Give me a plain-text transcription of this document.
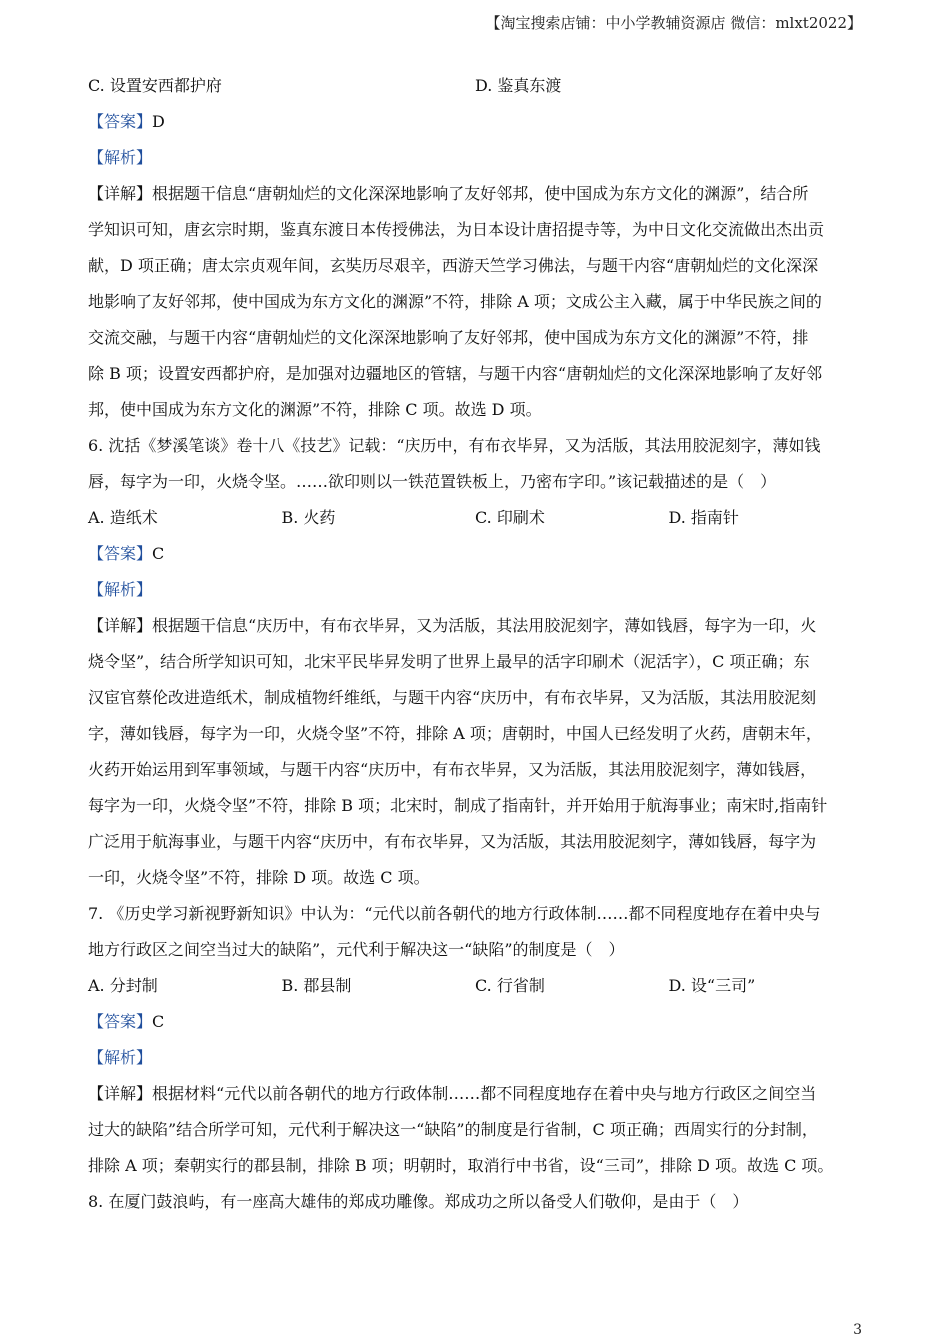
【淘宝搜索店铺：中小学教辅资源店 微信：mlxt2022】
C. 设置安西都护府	D. 鉴真东渡
【答案】D
【解析】
【详解】根据题干信息“唐朝灿烂的文化深深地影响了友好邻邦，使中国成为东方文化的渊源”，结合所
学知识可知，唐玄宗时期，鉴真东渡日本传授佛法，为日本设计唐招提寺等，为中日文化交流做出杰出贡
献，D 项正确；唐太宗贞观年间，玄奘历尽艰辛，西游天竺学习佛法，与题干内容“唐朝灿烂的文化深深
地影响了友好邻邦，使中国成为东方文化的渊源”不符，排除 A 项；文成公主入藏，属于中华民族之间的
交流交融，与题干内容“唐朝灿烂的文化深深地影响了友好邻邦，使中国成为东方文化的渊源”不符，排
除 B 项；设置安西都护府，是加强对边疆地区的管辖，与题干内容“唐朝灿烂的文化深深地影响了友好邻
邦，使中国成为东方文化的渊源”不符，排除 C 项。故选 D 项。
6. 沈括《梦溪笔谈》卷十八《技艺》记载：“庆历中，有布衣毕昇，又为活版，其法用胶泥刻字，薄如钱
唇，每字为一印，火烧令坚。……欲印则以一铁范置铁板上，乃密布字印。”该记载描述的是（　）
A. 造纸术	B. 火药	C. 印刷术	D. 指南针
【答案】C
【解析】
【详解】根据题干信息“庆历中，有布衣毕昇，又为活版，其法用胶泥刻字，薄如钱唇，每字为一印，火
烧令坚”，结合所学知识可知，北宋平民毕昇发明了世界上最早的活字印刷术（泥活字），C 项正确；东
汉宦官蔡伦改进造纸术，制成植物纤维纸，与题干内容“庆历中，有布衣毕昇，又为活版，其法用胶泥刻
字，薄如钱唇，每字为一印，火烧令坚”不符，排除 A 项；唐朝时，中国人已经发明了火药，唐朝末年，
火药开始运用到军事领域，与题干内容“庆历中，有布衣毕昇，又为活版，其法用胶泥刻字，薄如钱唇，
每字为一印，火烧令坚”不符，排除 B 项；北宋时，制成了指南针，并开始用于航海事业；南宋时,指南针
广泛用于航海事业，与题干内容“庆历中，有布衣毕昇，又为活版，其法用胶泥刻字，薄如钱唇，每字为
一印，火烧令坚”不符，排除 D 项。故选 C 项。
7. 《历史学习新视野新知识》中认为：“元代以前各朝代的地方行政体制……都不同程度地存在着中央与
地方行政区之间空当过大的缺陷”，元代利于解决这一“缺陷”的制度是（　）
A. 分封制	B. 郡县制	C. 行省制	D. 设“三司”
【答案】C
【解析】
【详解】根据材料“元代以前各朝代的地方行政体制……都不同程度地存在着中央与地方行政区之间空当
过大的缺陷”结合所学可知，元代利于解决这一“缺陷”的制度是行省制，C 项正确；西周实行的分封制，
排除 A 项；秦朝实行的郡县制，排除 B 项；明朝时，取消行中书省，设“三司”，排除 D 项。故选 C 项。
8. 在厦门鼓浪屿，有一座高大雄伟的郑成功雕像。郑成功之所以备受人们敬仰，是由于（　）
3
